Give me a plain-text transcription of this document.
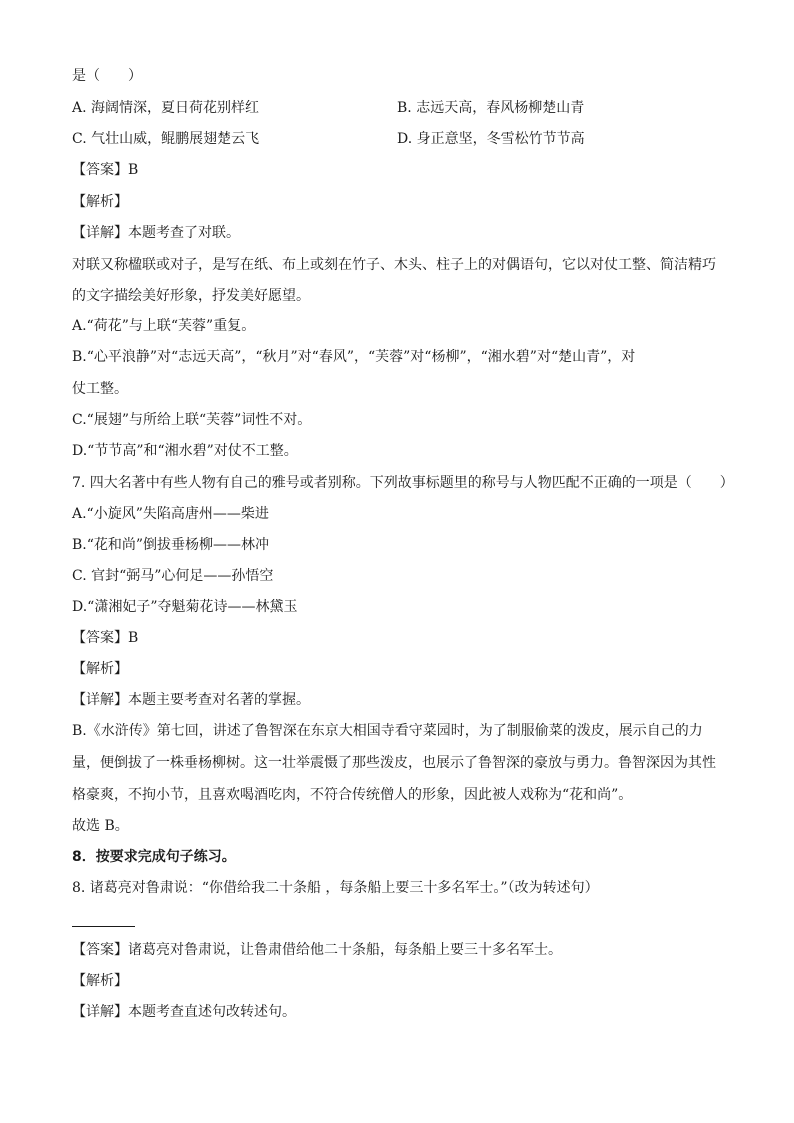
是（　　）
A. 海阔情深，夏日荷花别样红	B. 志远天高，春风杨柳楚山青
C. 气壮山威，鲲鹏展翅楚云飞	D. 身正意坚，冬雪松竹节节高
【答案】B
【解析】
【详解】本题考查了对联。
对联又称楹联或对子，是写在纸、布上或刻在竹子、木头、柱子上的对偶语句，它以对仗工整、简洁精巧
的文字描绘美好形象，抒发美好愿望。
A.“荷花”与上联“芙蓉”重复。
B.“心平浪静”对“志远天高”，“秋月”对“春风”，“芙蓉”对“杨柳”，“湘水碧”对“楚山青”，对
仗工整。
C.“展翅”与所给上联“芙蓉”词性不对。
D.“节节高”和“湘水碧”对仗不工整。
7. 四大名著中有些人物有自己的雅号或者别称。下列故事标题里的称号与人物匹配不正确的一项是（　　）
A.“小旋风”失陷高唐州——柴进
B.“花和尚”倒拔垂杨柳——林冲
C. 官封“弼马”心何足——孙悟空
D.“潇湘妃子”夺魁菊花诗——林黛玉
【答案】B
【解析】
【详解】本题主要考查对名著的掌握。
B.《水浒传》第七回，讲述了鲁智深在东京大相国寺看守菜园时，为了制服偷菜的泼皮，展示自己的力
量，便倒拔了一株垂杨柳树。这一壮举震慑了那些泼皮，也展示了鲁智深的豪放与勇力。鲁智深因为其性
格豪爽，不拘小节，且喜欢喝酒吃肉，不符合传统僧人的形象，因此被人戏称为“花和尚”。
故选 B。
8．按要求完成句子练习。
8. 诸葛亮对鲁肃说：“你借给我二十条船 ，每条船上要三十多名军士。”（改为转述句）
【答案】诸葛亮对鲁肃说，让鲁肃借给他二十条船，每条船上要三十多名军士。
【解析】
【详解】本题考查直述句改转述句。
